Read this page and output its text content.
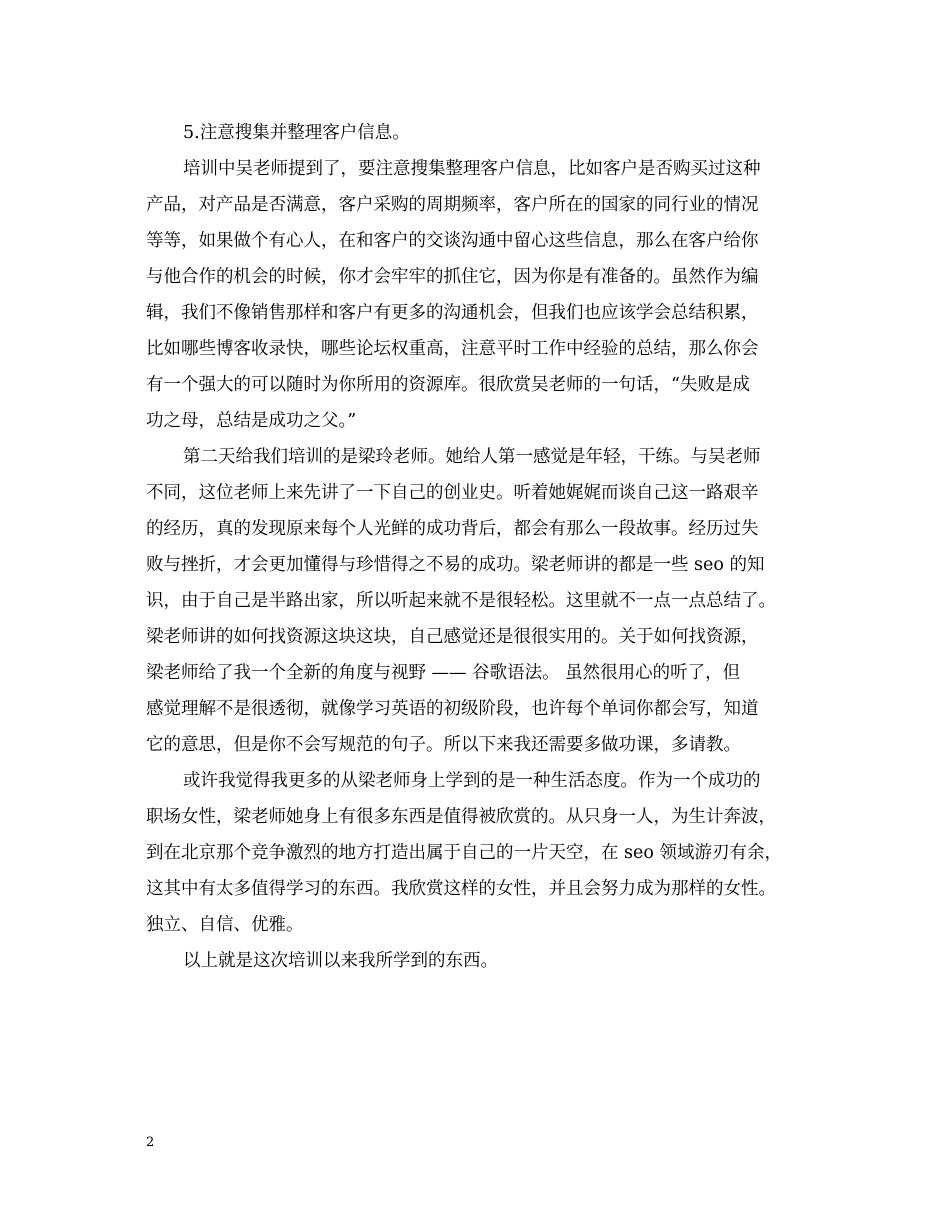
5.注意搜集并整理客户信息。
培训中吴老师提到了，要注意搜集整理客户信息，比如客户是否购买过这种
产品，对产品是否满意，客户采购的周期频率，客户所在的国家的同行业的情况
等等，如果做个有心人，在和客户的交谈沟通中留心这些信息，那么在客户给你
与他合作的机会的时候，你才会牢牢的抓住它，因为你是有准备的。虽然作为编
辑，我们不像销售那样和客户有更多的沟通机会，但我们也应该学会总结积累，
比如哪些博客收录快，哪些论坛权重高，注意平时工作中经验的总结，那么你会
有一个强大的可以随时为你所用的资源库。很欣赏吴老师的一句话，“失败是成
功之母，总结是成功之父。”
第二天给我们培训的是梁玲老师。她给人第一感觉是年轻，干练。与吴老师
不同，这位老师上来先讲了一下自己的创业史。听着她娓娓而谈自己这一路艰辛
的经历，真的发现原来每个人光鲜的成功背后，都会有那么一段故事。经历过失
败与挫折，才会更加懂得与珍惜得之不易的成功。梁老师讲的都是一些 seo 的知
识，由于自己是半路出家，所以听起来就不是很轻松。这里就不一点一点总结了。
梁老师讲的如何找资源这块这块，自己感觉还是很很实用的。关于如何找资源，
梁老师给了我一个全新的角度与视野 —— 谷歌语法。 虽然很用心的听了，但
感觉理解不是很透彻，就像学习英语的初级阶段，也许每个单词你都会写，知道
它的意思，但是你不会写规范的句子。所以下来我还需要多做功课，多请教。
或许我觉得我更多的从梁老师身上学到的是一种生活态度。作为一个成功的
职场女性，梁老师她身上有很多东西是值得被欣赏的。从只身一人，为生计奔波，
到在北京那个竞争激烈的地方打造出属于自己的一片天空，在 seo 领域游刃有余，
这其中有太多值得学习的东西。我欣赏这样的女性，并且会努力成为那样的女性。
独立、自信、优雅。
以上就是这次培训以来我所学到的东西。
2
